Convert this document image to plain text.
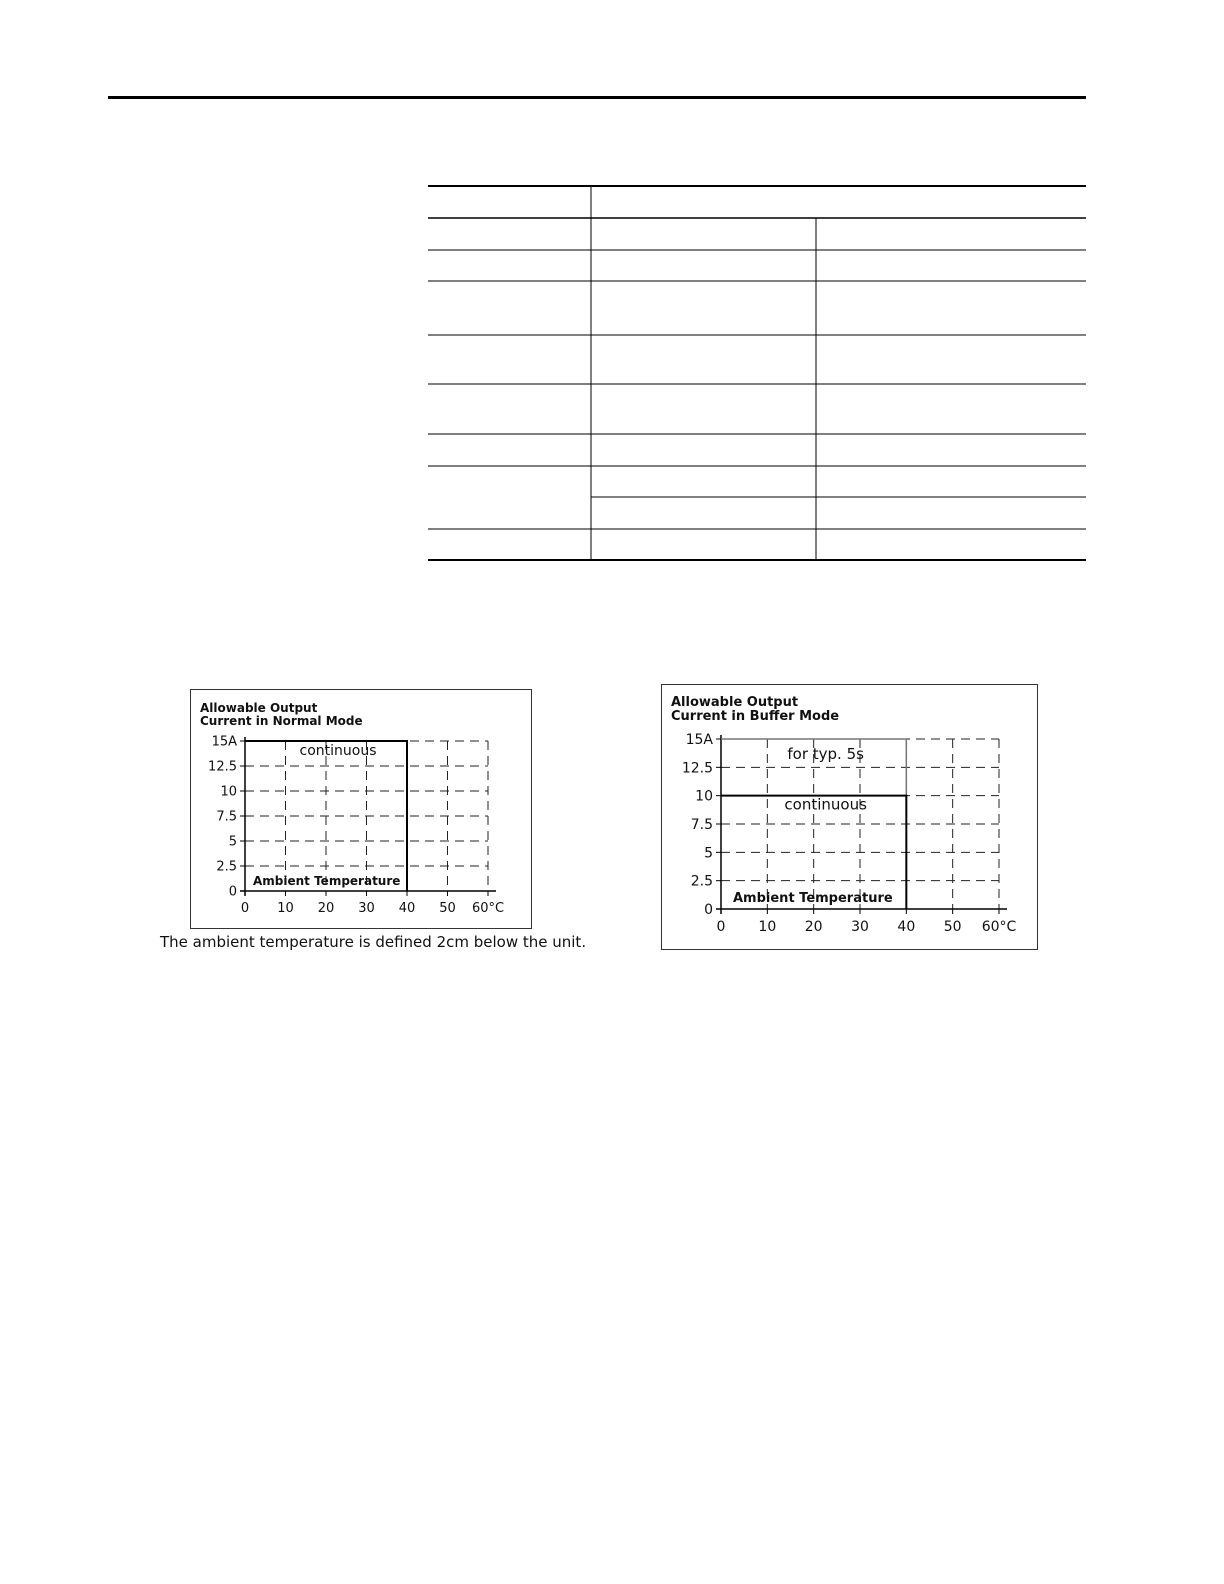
Allowable Output
Current in Normal Mode
0
2.5
5
7.5
10
12.5
15A
0 10 20 30 40 50 60°C
continuous
Ambient Temperature
The ambient temperature is defined 2cm below the unit.
Allowable Output
Current in Buffer Mode
0
2.5
5
7.5
10
12.5
15A
0 10 20 30 40 50 60°C
for typ. 5s
continuous
Ambient Temperature
